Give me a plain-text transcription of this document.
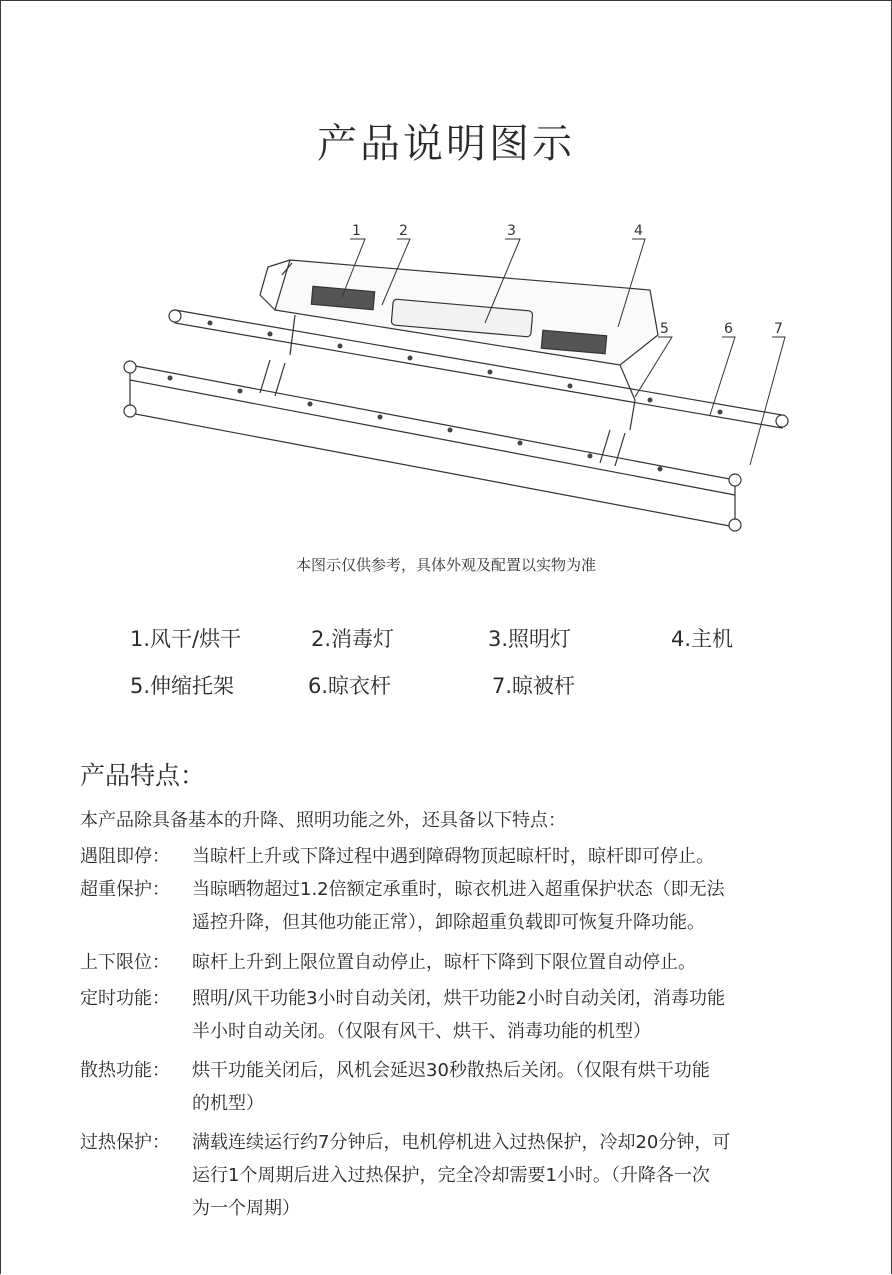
产品说明图示
1	2	3	4
5	6	7
本图示仅供参考，具体外观及配置以实物为准
1.风干/烘干	2.消毒灯	3.照明灯	4.主机
5.伸缩托架	6.晾衣杆	7.晾被杆
产品特点：
本产品除具备基本的升降、照明功能之外，还具备以下特点：
遇阻即停：	当晾杆上升或下降过程中遇到障碍物顶起晾杆时，晾杆即可停止。
超重保护：	当晾晒物超过1.2倍额定承重时，晾衣机进入超重保护状态（即无法
遥控升降，但其他功能正常），卸除超重负载即可恢复升降功能。
上下限位：	晾杆上升到上限位置自动停止，晾杆下降到下限位置自动停止。
定时功能：	照明/风干功能3小时自动关闭，烘干功能2小时自动关闭，消毒功能
半小时自动关闭。（仅限有风干、烘干、消毒功能的机型）
散热功能：	烘干功能关闭后，风机会延迟30秒散热后关闭。（仅限有烘干功能
的机型）
过热保护：	满载连续运行约7分钟后，电机停机进入过热保护，冷却20分钟，可
运行1个周期后进入过热保护，完全冷却需要1小时。（升降各一次
为一个周期）
